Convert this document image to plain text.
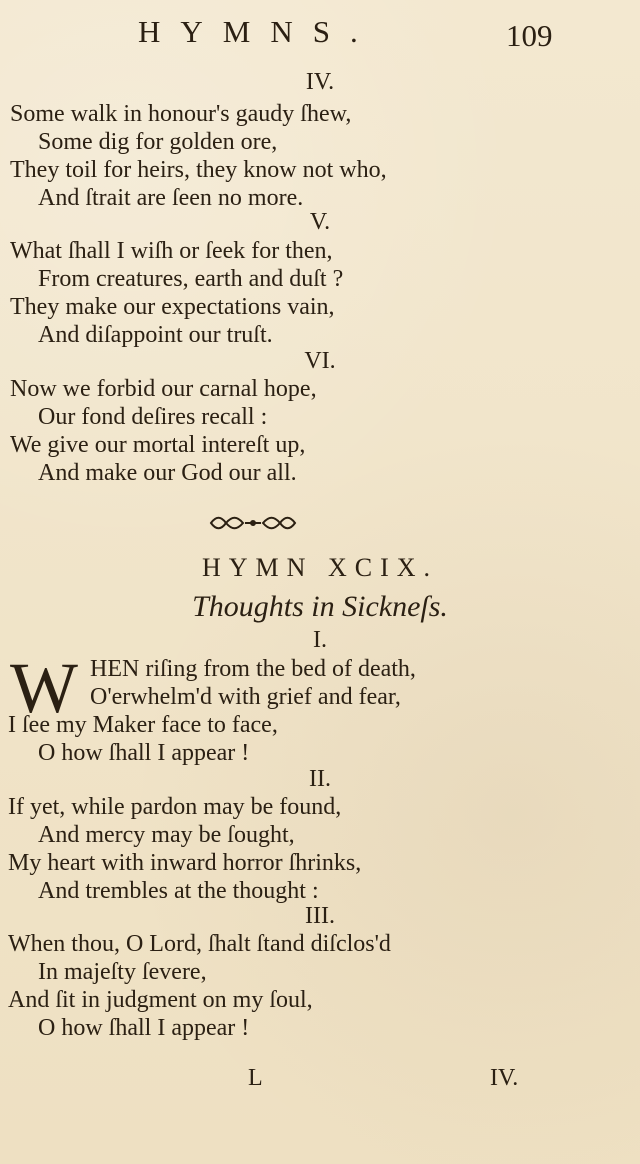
HYMNS.	109
IV.
Some walk in honour's gaudy ſhew,
Some dig for golden ore,
They toil for heirs, they know not who,
And ſtrait are ſeen no more.
V.
What ſhall I wiſh or ſeek for then,
From creatures, earth and duſt ?
They make our expectations vain,
And diſappoint our truſt.
VI.
Now we forbid our carnal hope,
Our fond deſires recall :
We give our mortal intereſt up,
And make our God our all.
HYMN XCIX.
Thoughts in Sickneſs.
I.
W HEN riſing from the bed of death,
O'erwhelm'd with grief and fear,
I ſee my Maker face to face,
O how ſhall I appear !
II.
If yet, while pardon may be found,
And mercy may be ſought,
My heart with inward horror ſhrinks,
And trembles at the thought :
III.
When thou, O Lord, ſhalt ſtand diſclos'd
In majeſty ſevere,
And ſit in judgment on my ſoul,
O how ſhall I appear !
L	IV.
